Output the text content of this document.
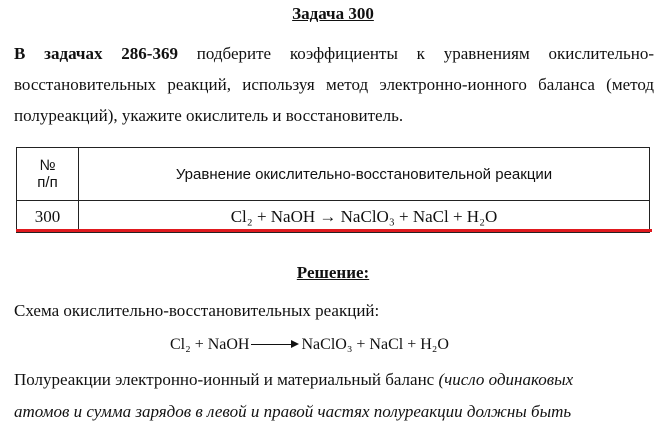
Задача 300
В задачах 286-369 подберите коэффициенты к уравнениям окислительно-восстановительных реакций, используя метод электронно-ионного баланса (метод полуреакций), укажите окислитель и восстановитель.
№
п/п	Уравнение окислительно-восстановительной реакции
300	Cl₂ + NaOH → NaClO₃ + NaCl + H₂O
Решение:
Схема окислительно-восстановительных реакций:
Cl₂ + NaOH	NaClO₃ + NaCl + H₂O
Полуреакции электронно-ионный и материальный баланс (число одинаковых
атомов и сумма зарядов в левой и правой частях полуреакции должны быть
